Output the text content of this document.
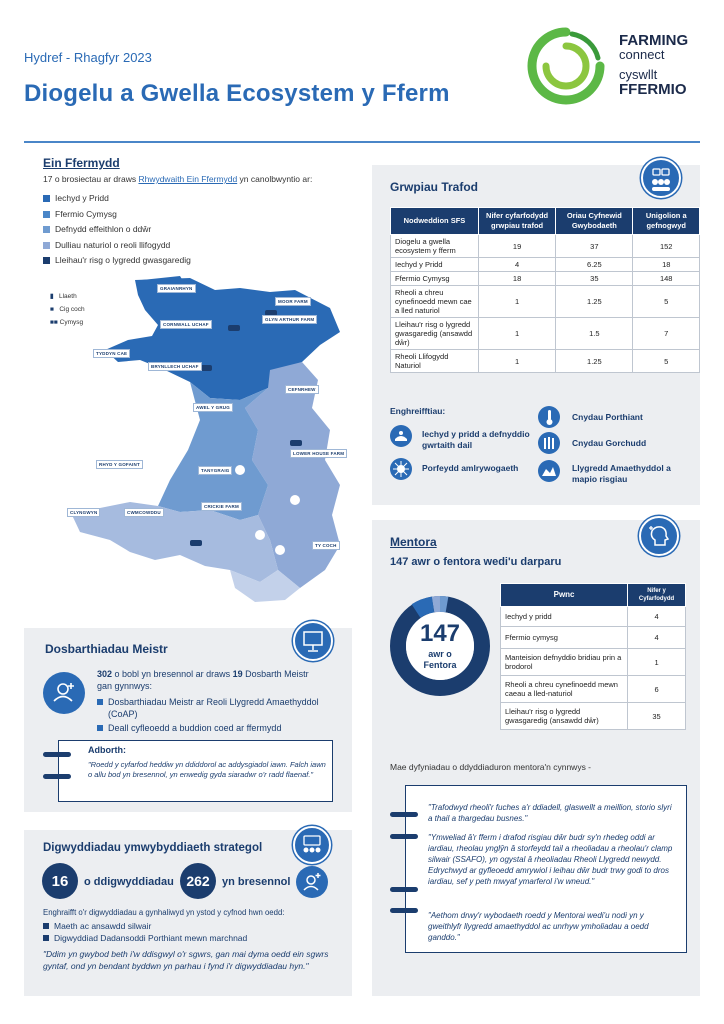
Hydref - Rhagfyr 2023
Diogelu a Gwella Ecosystem y Fferm
FARMING
connect
cyswllt
FFERMIO
Ein Ffermydd
17 o brosiectau ar draws Rhwydwaith Ein Ffermydd yn canolbwyntio ar:
Iechyd y Pridd
Ffermio Cymysg
Defnydd effeithlon o ddŵr
Dulliau naturiol o reoli llifogydd
Lleihau'r risg o lygredd gwasgaredig
▮ Llaeth
■ Cig coch
■■ Cymysg
GRAIANRHYN
MOOR FARM
GLYN ARTHUR FARM
CORNWALL UCHAF
TYDDYN CAE
BRYNLLECH UCHAF
CEFNRHEW
AWEL Y GRUG
LOWER HOUSE FARM
RHYD Y GOFAINT
TANYGRAIG
CRICKIE FARM
CLYNGWYN	CWMCOWDDU
TY COCH
Grwpiau Trafod
Nodweddion SFS	Nifer cyfarfodydd grwpiau trafod	Oriau Cyfnewid Gwybodaeth	Unigolion a gefnogwyd
Diogelu a gwella ecosystem y fferm	19	37	152
Iechyd y Pridd	4	6.25	18
Ffermio Cymysg	18	35	148
Rheoli a chreu cynefinoedd mewn cae a lled naturiol	1	1.25	5
Lleihau'r risg o lygredd gwasgaredig (ansawdd dŵr)	1	1.5	7
Rheoli Llifogydd Naturiol	1	1.25	5
Enghreifftiau:
Iechyd y pridd a defnyddio gwrtaith dail
Porfeydd amlrywogaeth
Cnydau Porthiant
Cnydau Gorchudd
Llygredd Amaethyddol a mapio risgiau
Dosbarthiadau Meistr
302 o bobl yn bresennol ar draws 19 Dosbarth Meistr gan gynnwys:
Dosbarthiadau Meistr ar Reoli Llygredd Amaethyddol (CoAP)
Deall cyfleoedd a buddion coed ar ffermydd
Adborth:
"Roedd y cyfarfod heddiw yn ddiddorol ac addysgiadol iawn. Falch iawn o allu bod yn bresennol, yn enwedig gyda siaradwr o'r radd flaenaf."
Digwyddiadau ymwybyddiaeth strategol
16	o ddigwyddiadau 262	yn bresennol
Enghraifft o'r digwyddiadau a gynhaliwyd yn ystod y cyfnod hwn oedd:
Maeth ac ansawdd silwair
Digwyddiad Dadansoddi Porthiant mewn marchnad
"Ddim yn gwybod beth i'w ddisgwyl o'r sgwrs, gan mai dyma oedd ein sgwrs gyntaf, ond yn bendant byddwn yn parhau i fynd i'r digwyddiadau hyn."
Mentora
147 awr o fentora wedi'u darparu
147
awr o
Fentora
Pwnc	Nifer y Cyfarfodydd
Iechyd y pridd	4
Ffermio cymysg	4
Manteision defnyddio bridiau prin a brodorol	1
Rheoli a chreu cynefinoedd mewn caeau a lled-naturiol	6
Lleihau'r risg o lygredd gwasgaredig (ansawdd dŵr)	35
Mae dyfyniadau o ddyddiaduron mentora'n cynnwys -
"Trafodwyd rheoli'r fuches a'r ddiadell, glaswellt a meillion, storio slyri a thail a thargedau busnes."
"Ymweliad â'r fferm i drafod risgiau dŵr budr sy'n rhedeg oddi ar iardiau, rheolau ynglŷn â storfeydd tail a rheoliadau a rheolau'r clamp silwair (SSAFO), yn ogystal â rheoliadau Rheoli Llygredd newydd. Edrychwyd ar gyfleoedd amrywiol i leihau dŵr budr trwy godi to dros iardiau, sef y peth mwyaf ymarferol i'w wneud."
"Aethom drwy'r wybodaeth roedd y Mentorai wedi'u nodi yn y gweithlyfr llygredd amaethyddol ac unrhyw ymholiadau a oedd ganddo."
